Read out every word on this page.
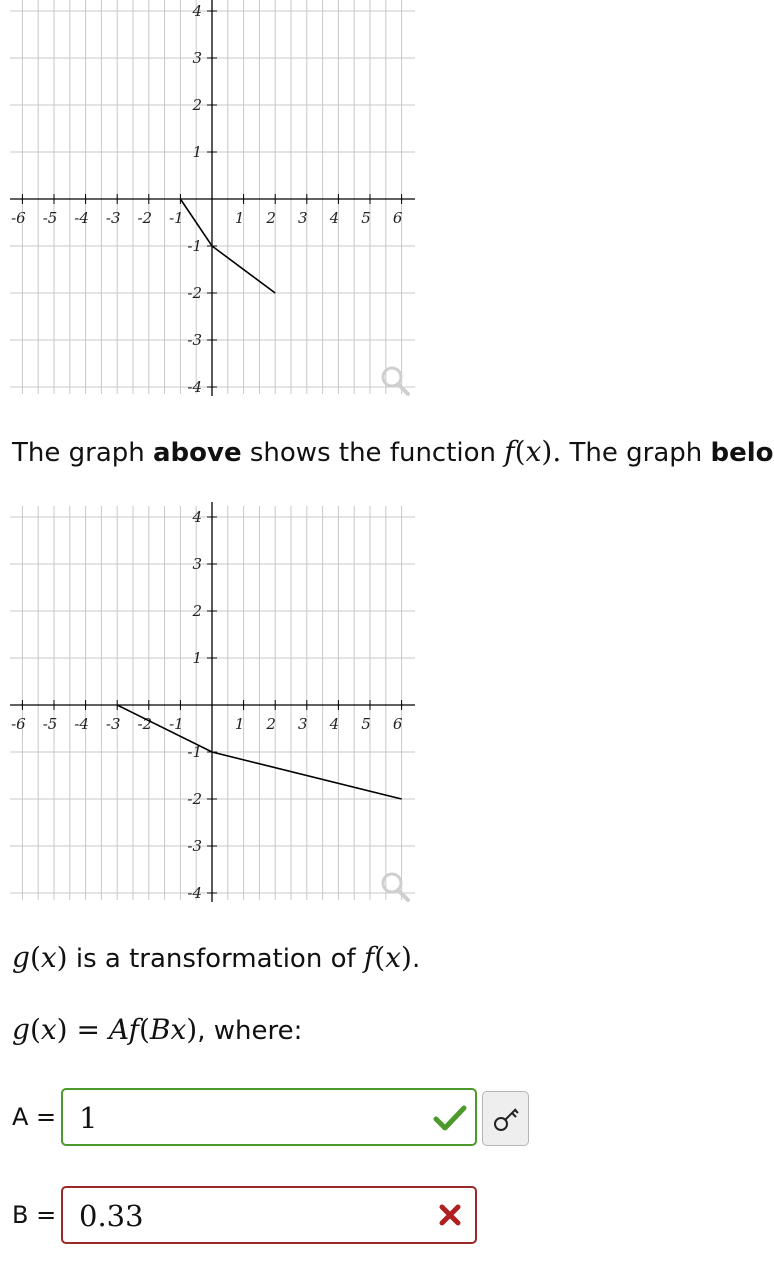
-6 -5 -4 -3 -2 -1	1 2 3 4 5 6
4
3
2
1
-1
-2
-3
-4
The graph above shows the function f(x). The graph belo
-6 -5 -4 -3 -2 -1	1 2 3 4 5 6
4
3
2
1
-1
-2
-3
-4
g(x) is a transformation of f(x).
g(x) = Af(Bx), where:
A = 1
B = 0.33
